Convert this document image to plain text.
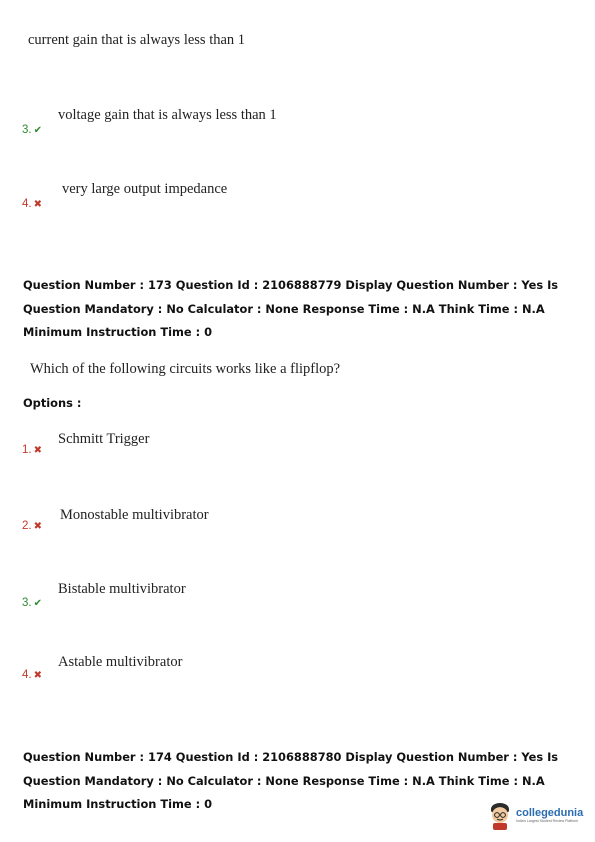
current gain that is always less than 1
voltage gain that is always less than 1
3. ✔
very large output impedance
4. ✖
Question Number : 173 Question Id : 2106888779 Display Question Number : Yes Is Question Mandatory : No Calculator : None Response Time : N.A Think Time : N.A Minimum Instruction Time : 0
Which of the following circuits works like a flipflop?
Options :
Schmitt Trigger
1. ✖
Monostable multivibrator
2. ✖
Bistable multivibrator
3. ✔
Astable multivibrator
4. ✖
Question Number : 174 Question Id : 2106888780 Display Question Number : Yes Is Question Mandatory : No Calculator : None Response Time : N.A Think Time : N.A Minimum Instruction Time : 0
collegedunia
India's Largest Student Review Platform
